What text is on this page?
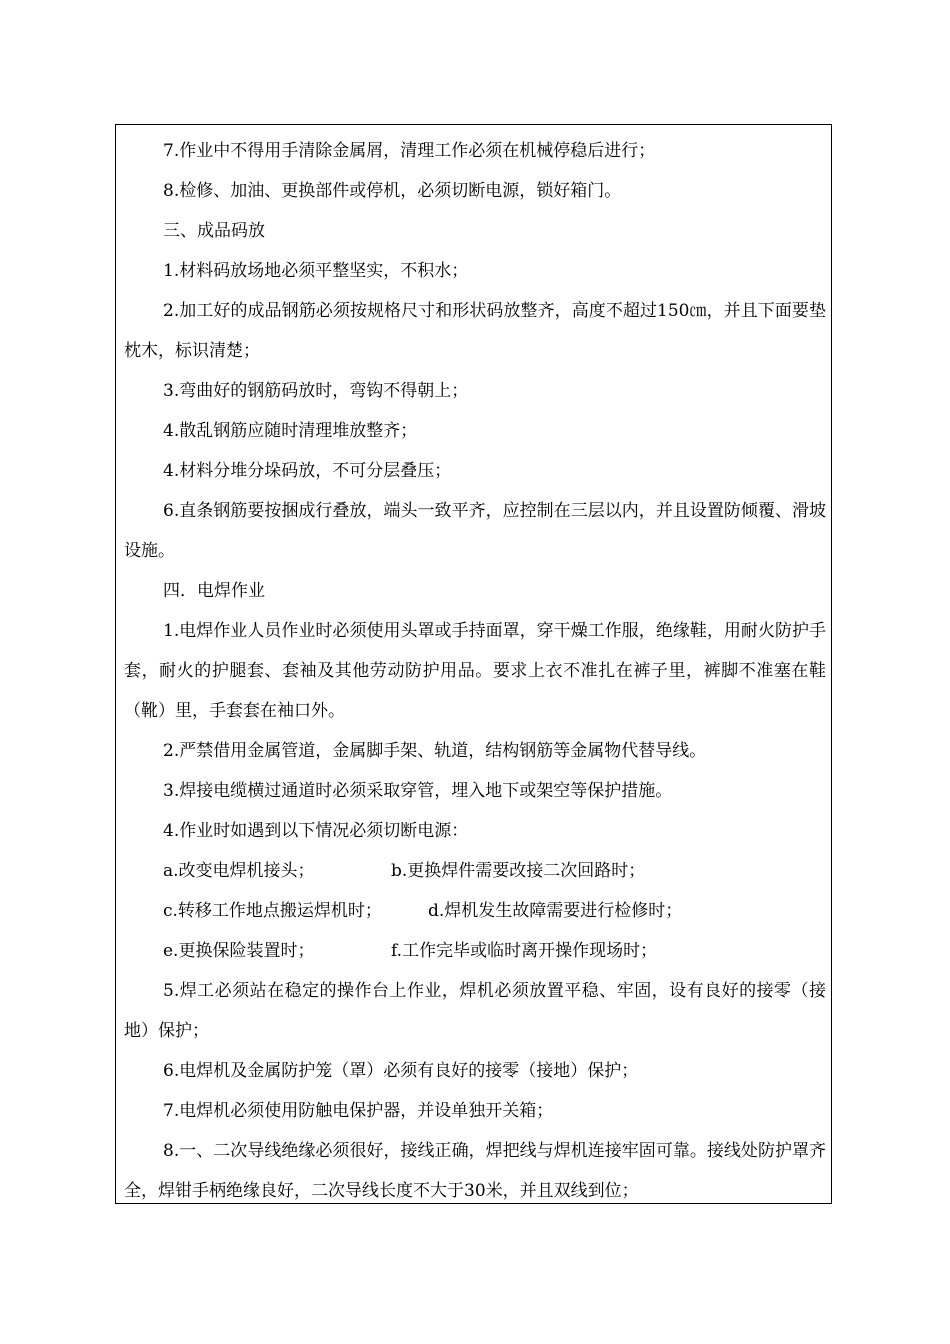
7.作业中不得用手清除金属屑，清理工作必须在机械停稳后进行；

8.检修、加油、更换部件或停机，必须切断电源，锁好箱门。

三、成品码放

1.材料码放场地必须平整坚实，不积水；

2.加工好的成品钢筋必须按规格尺寸和形状码放整齐，高度不超过150㎝，并且下面要垫枕木，标识清楚；

3.弯曲好的钢筋码放时，弯钩不得朝上；

4.散乱钢筋应随时清理堆放整齐；

4.材料分堆分垛码放，不可分层叠压；

6.直条钢筋要按捆成行叠放，端头一致平齐，应控制在三层以内，并且设置防倾覆、滑坡设施。

四．电焊作业

1.电焊作业人员作业时必须使用头罩或手持面罩，穿干燥工作服，绝缘鞋，用耐火防护手套，耐火的护腿套、套袖及其他劳动防护用品。要求上衣不准扎在裤子里，裤脚不准塞在鞋（靴）里，手套套在袖口外。

2.严禁借用金属管道，金属脚手架、轨道，结构钢筋等金属物代替导线。

3.焊接电缆横过通道时必须采取穿管，埋入地下或架空等保护措施。

4.作业时如遇到以下情况必须切断电源：

a.改变电焊机接头；	b.更换焊件需要改接二次回路时；

c.转移工作地点搬运焊机时；	d.焊机发生故障需要进行检修时；

e.更换保险装置时；	f.工作完毕或临时离开操作现场时；

5.焊工必须站在稳定的操作台上作业，焊机必须放置平稳、牢固，设有良好的接零（接地）保护；

6.电焊机及金属防护笼（罩）必须有良好的接零（接地）保护；

7.电焊机必须使用防触电保护器，并设单独开关箱；

8.一、二次导线绝缘必须很好，接线正确，焊把线与焊机连接牢固可靠。接线处防护罩齐全，焊钳手柄绝缘良好，二次导线长度不大于30米，并且双线到位；
